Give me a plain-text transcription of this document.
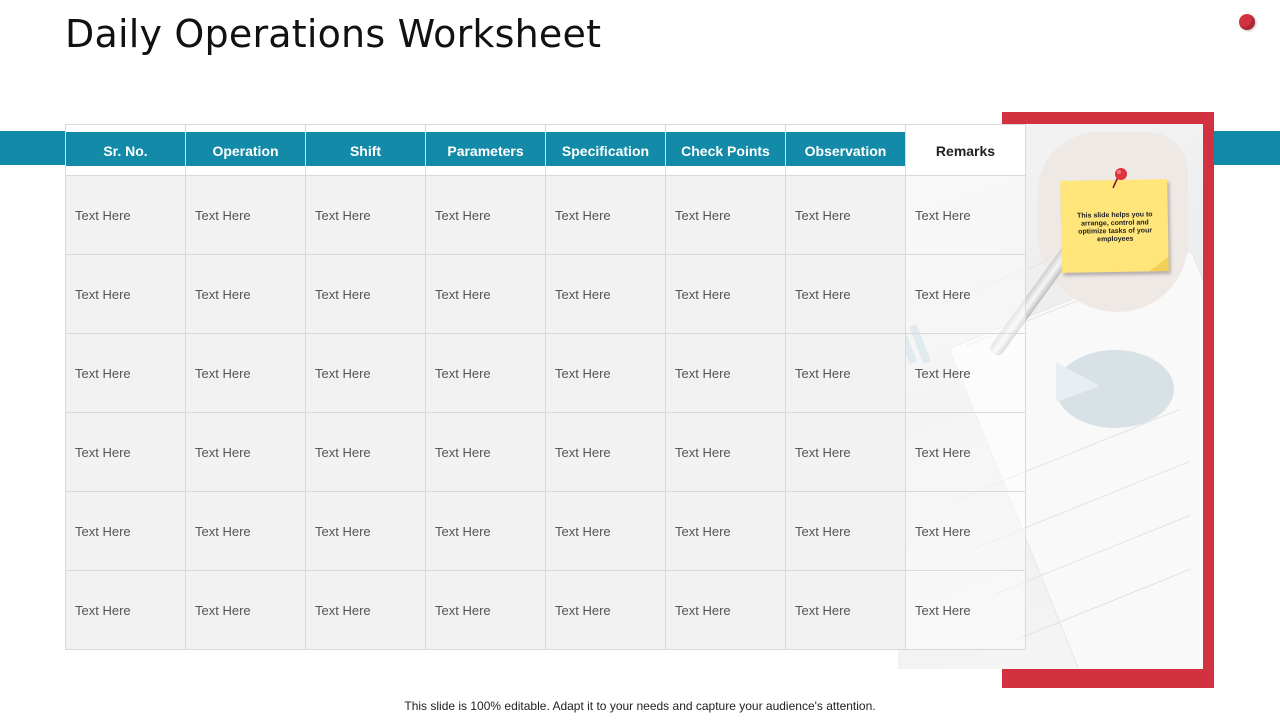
Daily Operations Worksheet
Sr. No.	Operation	Shift	Parameters	Specification	Check Points	Observation	Remarks
Text Here	Text Here	Text Here	Text Here	Text Here	Text Here	Text Here	Text Here
Text Here	Text Here	Text Here	Text Here	Text Here	Text Here	Text Here	Text Here
Text Here	Text Here	Text Here	Text Here	Text Here	Text Here	Text Here	Text Here
Text Here	Text Here	Text Here	Text Here	Text Here	Text Here	Text Here	Text Here
Text Here	Text Here	Text Here	Text Here	Text Here	Text Here	Text Here	Text Here
Text Here	Text Here	Text Here	Text Here	Text Here	Text Here	Text Here	Text Here
This slide helps you to arrange, control and optimize tasks of your employees
This slide is 100% editable. Adapt it to your needs and capture your audience's attention.
